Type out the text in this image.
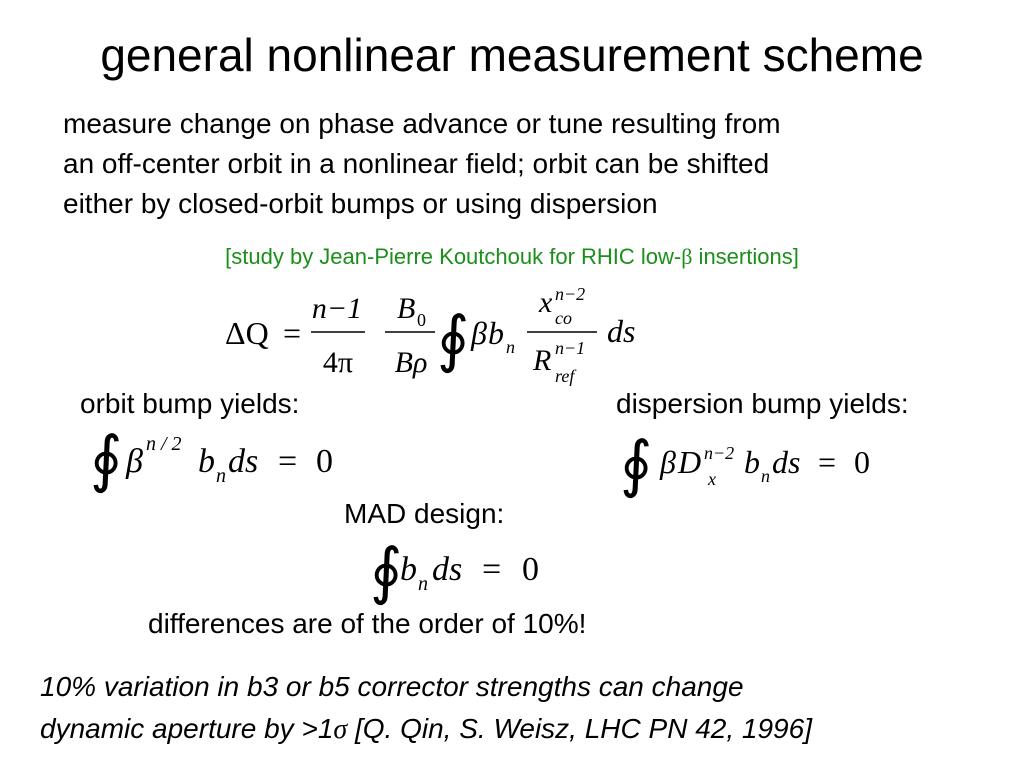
general nonlinear measurement scheme
measure change on phase advance or tune resulting from
an off-center orbit in a nonlinear field; orbit can be shifted
either by closed-orbit bumps or using dispersion
[study by Jean-Pierre Koutchouk for RHIC low-β insertions]
ΔQ =
n−1
4π
B 0
Bρ ∮ β b n
x n−2
co
R n−1
ref
ds
orbit bump yields:	dispersion bump yields:
∮ β n / 2 b n ds = 0	∮ β D n−2
x b n ds = 0
MAD design:
∮
b n ds = 0
differences are of the order of 10%!
10% variation in b3 or b5 corrector strengths can change
dynamic aperture by >1σ [Q. Qin, S. Weisz, LHC PN 42, 1996]
